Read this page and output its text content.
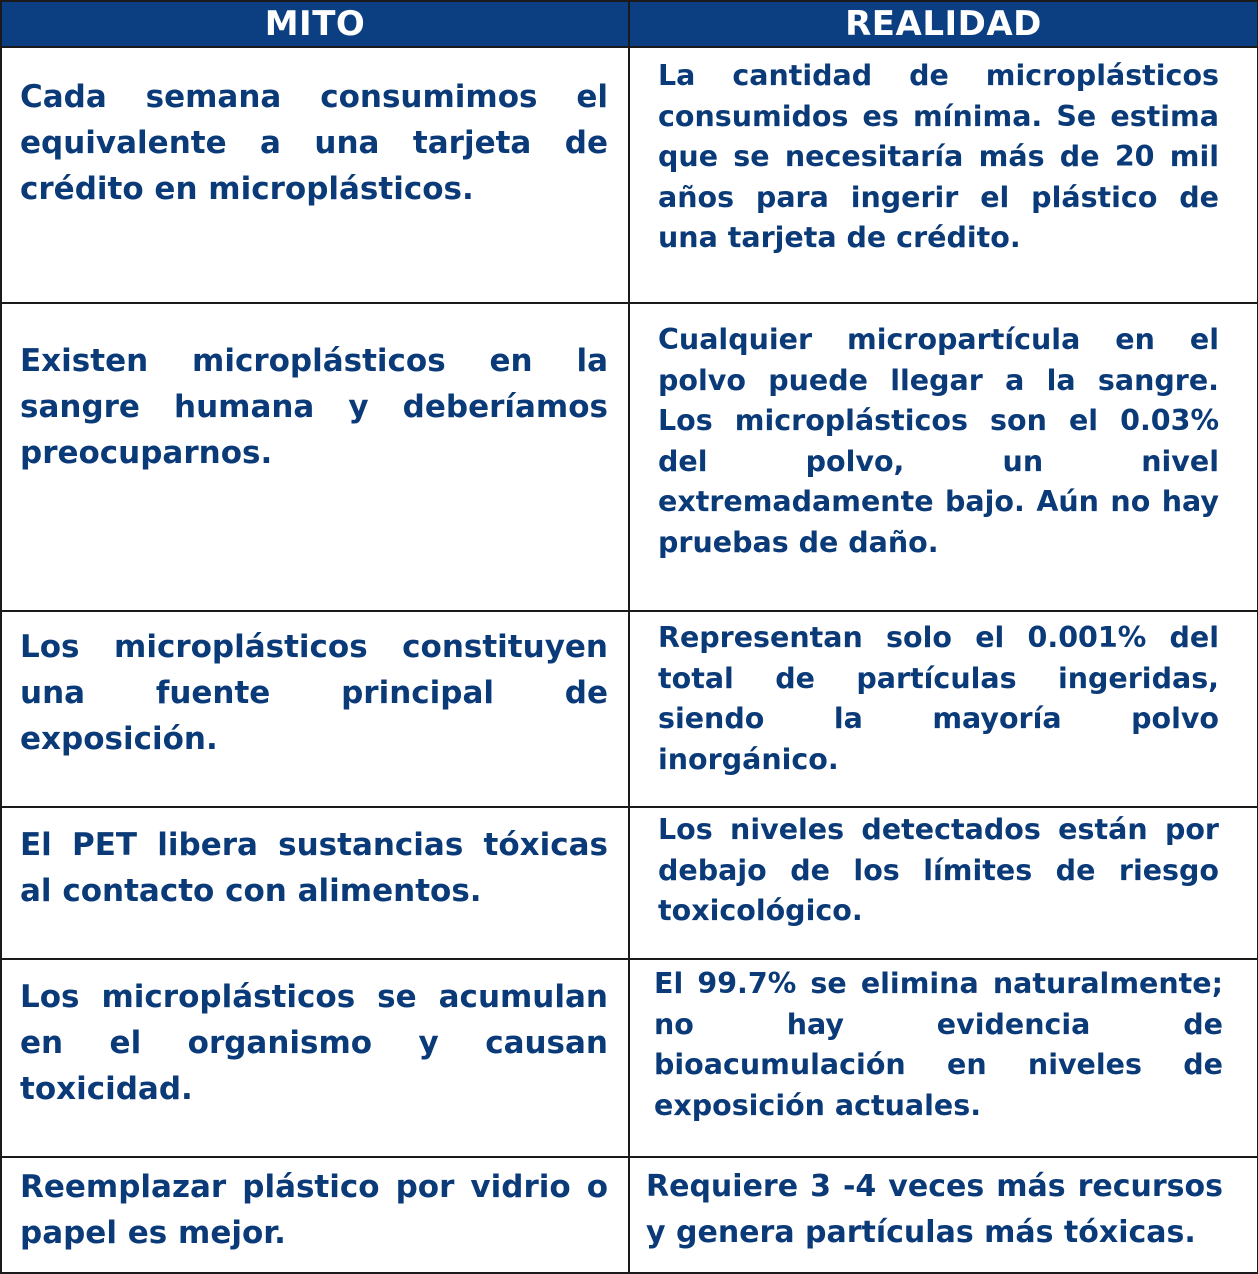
MITO	REALIDAD

Cada semana consumimos el equivalente a una tarjeta de crédito en microplásticos.	La cantidad de microplásticos consumidos es mínima. Se estima que se necesitaría más de 20 mil años para ingerir el plástico de una tarjeta de crédito.

Existen microplásticos en la sangre humana y deberíamos preocuparnos.	Cualquier micropartícula en el polvo puede llegar a la sangre. Los microplásticos son el 0.03% del polvo, un nivel extremadamente bajo. Aún no hay pruebas de daño.

Los microplásticos constituyen una fuente principal de exposición.	Representan solo el 0.001% del total de partículas ingeridas, siendo la mayoría polvo inorgánico.

El PET libera sustancias tóxicas al contacto con alimentos.	Los niveles detectados están por debajo de los límites de riesgo toxicológico.

Los microplásticos se acumulan en el organismo y causan toxicidad.	El 99.7% se elimina naturalmente; no hay evidencia de bioacumulación en niveles de exposición actuales.

Reemplazar plástico por vidrio o papel es mejor.	Requiere 3 -4 veces más recursos y genera partículas más tóxicas.
